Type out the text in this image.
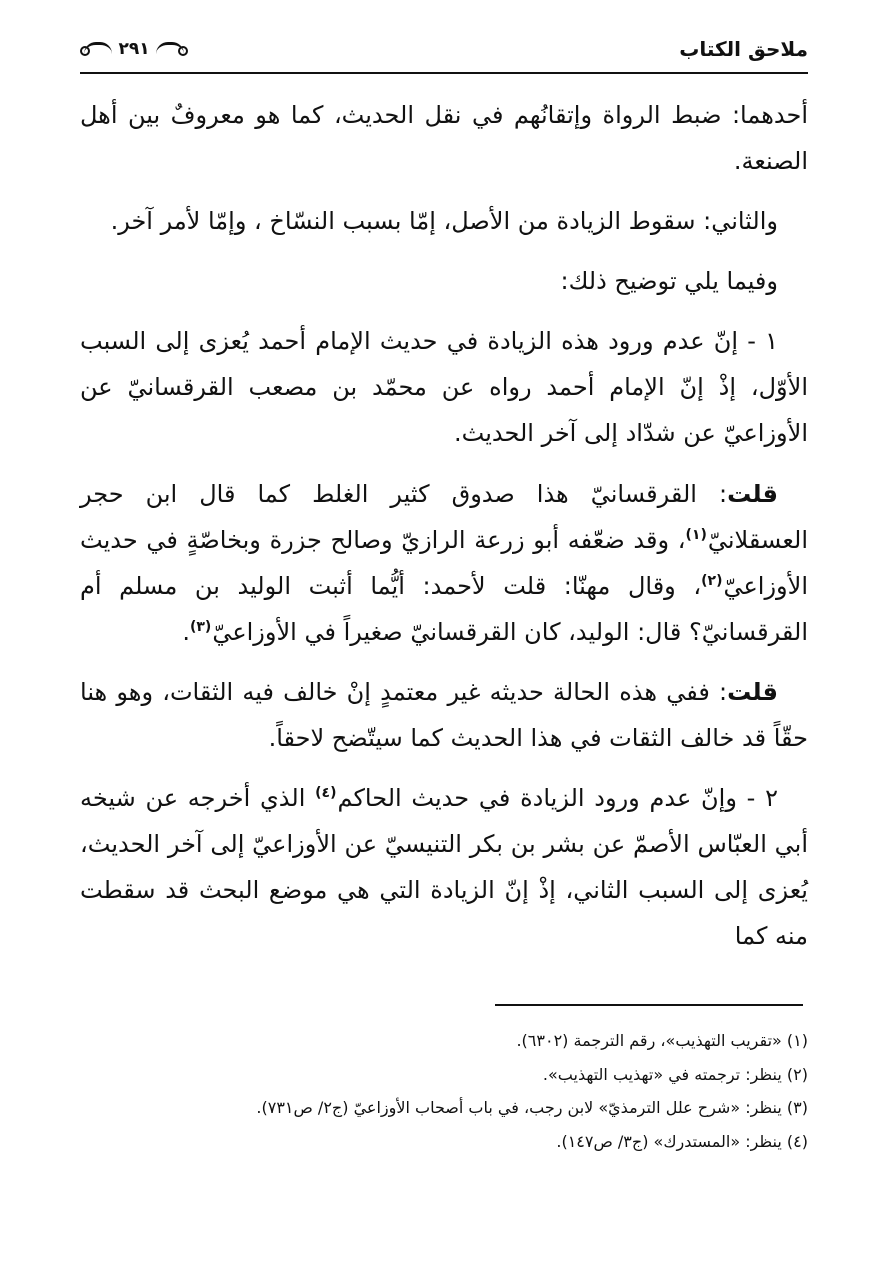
ملاحق الكتاب
٢٩١

أحدهما: ضبط الرواة وإتقانُهم في نقل الحديث، كما هو معروفٌ بين أهل الصنعة.

والثاني: سقوط الزيادة من الأصل، إمّا بسبب النسّاخ ، وإمّا لأمر آخر.

وفيما يلي توضيح ذلك:

١ - إنّ عدم ورود هذه الزيادة في حديث الإمام أحمد يُعزى إلى السبب الأوّل، إذْ إنّ الإمام أحمد رواه عن محمّد بن مصعب القرقسانيّ عن الأوزاعيّ عن شدّاد إلى آخر الحديث.

قلت: القرقسانيّ هذا صدوق كثير الغلط كما قال ابن حجر العسقلانيّ$^{(١)}$، وقد ضعّفه أبو زرعة الرازيّ وصالح جزرة وبخاصّةٍ في حديث الأوزاعيّ$^{(٢)}$، وقال مهنّا: قلت لأحمد: أيُّما أثبت الوليد بن مسلم أم القرقسانيّ؟ قال: الوليد، كان القرقسانيّ صغيراً في الأوزاعيّ$^{(٣)}$.

قلت: ففي هذه الحالة حديثه غير معتمدٍ إنْ خالف فيه الثقات، وهو هنا حقّاً قد خالف الثقات في هذا الحديث كما سيتّضح لاحقاً.

٢ - وإنّ عدم ورود الزيادة في حديث الحاكم$^{(٤)}$ الذي أخرجه عن شيخه أبي العبّاس الأصمّ عن بشر بن بكر التنيسيّ عن الأوزاعيّ إلى آخر الحديث، يُعزى إلى السبب الثاني، إذْ إنّ الزيادة التي هي موضع البحث قد سقطت منه كما

(١) «تقريب التهذيب»، رقم الترجمة (٦٣٠٢).

(٢) ينظر: ترجمته في «تهذيب التهذيب».

(٣) ينظر: «شرح علل الترمذيّ» لابن رجب، في باب أصحاب الأوزاعيّ (ج٢/ ص٧٣١).

(٤) ينظر: «المستدرك» (ج٣/ ص١٤٧).
